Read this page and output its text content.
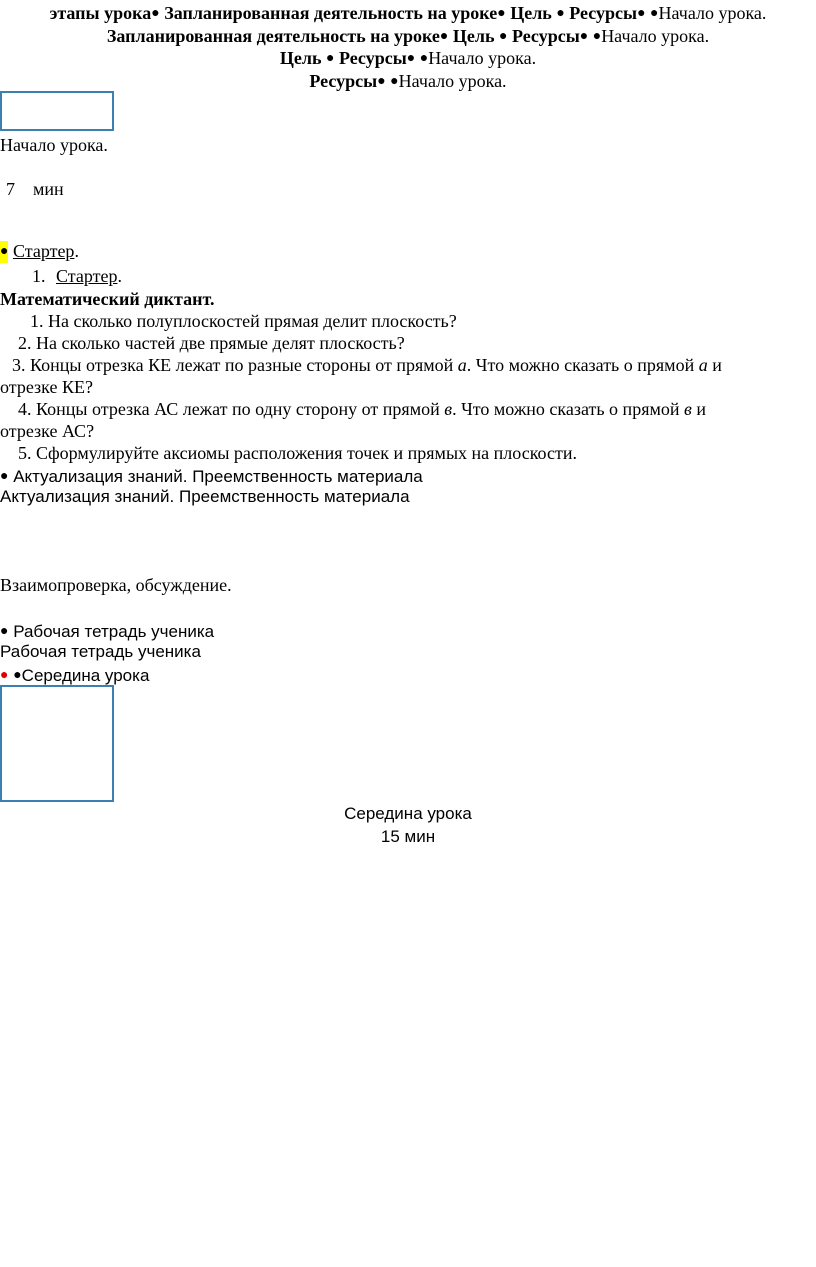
этапы урока● Запланированная деятельность на уроке● Цель ● Ресурсы● ●Начало урока.
Запланированная деятельность на уроке● Цель ● Ресурсы● ●Начало урока.
Цель ● Ресурсы● ●Начало урока.
Ресурсы● ●Начало урока.
Начало урока.
7 мин
● Стартер.
1. Стартер.
Математический диктант.
1. На сколько полуплоскостей прямая делит плоскость?
2. На сколько частей две прямые делят плоскость?
3. Концы отрезка КЕ лежат по разные стороны от прямой а. Что можно сказать о прямой а и
отрезке КЕ?
4. Концы отрезка АС лежат по одну сторону от прямой в. Что можно сказать о прямой в и
отрезке АС?
5. Сформулируйте аксиомы расположения точек и прямых на плоскости.
● Актуализация знаний. Преемственность материала
Актуализация знаний. Преемственность материала
Взаимопроверка, обсуждение.
● Рабочая тетрадь ученика
Рабочая тетрадь ученика
● ●Середина урока
Середина урока
15 мин
